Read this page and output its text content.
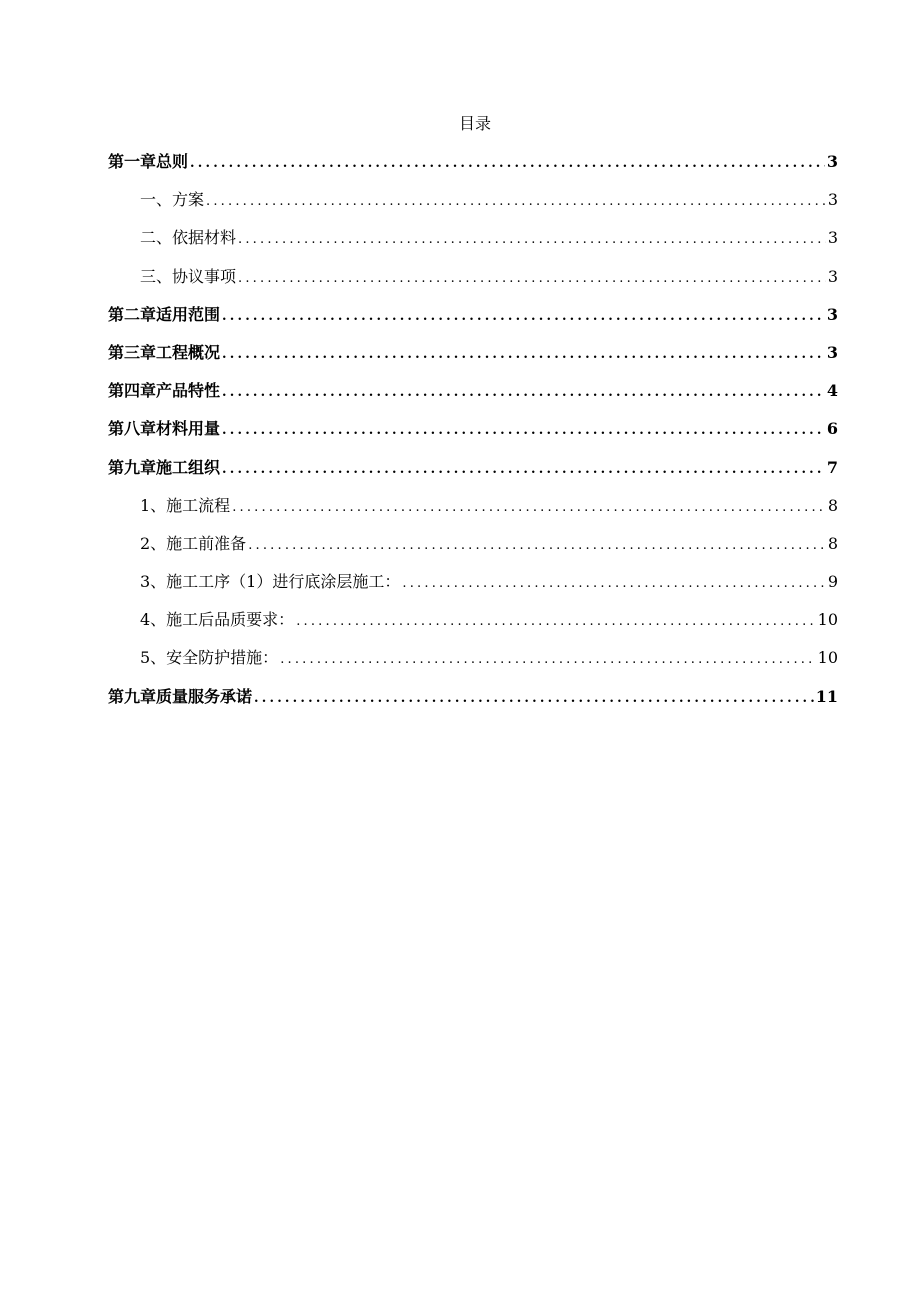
目录
第一章总则 .....	3
一、方案 .....	3
二、依据材料 .....	3
三、协议事项 .....	3
第二章适用范围 .....	3
第三章工程概况 .....	3
第四章产品特性 .....	4
第八章材料用量 .....	6
第九章施工组织 .....	7
1、施工流程 .....	8
2、施工前准备 .....	8
3、施工工序（1）进行底涂层施工： .....	9
4、施工后品质要求： .....	10
5、安全防护措施： .....	10
第九章质量服务承诺 .....	11
